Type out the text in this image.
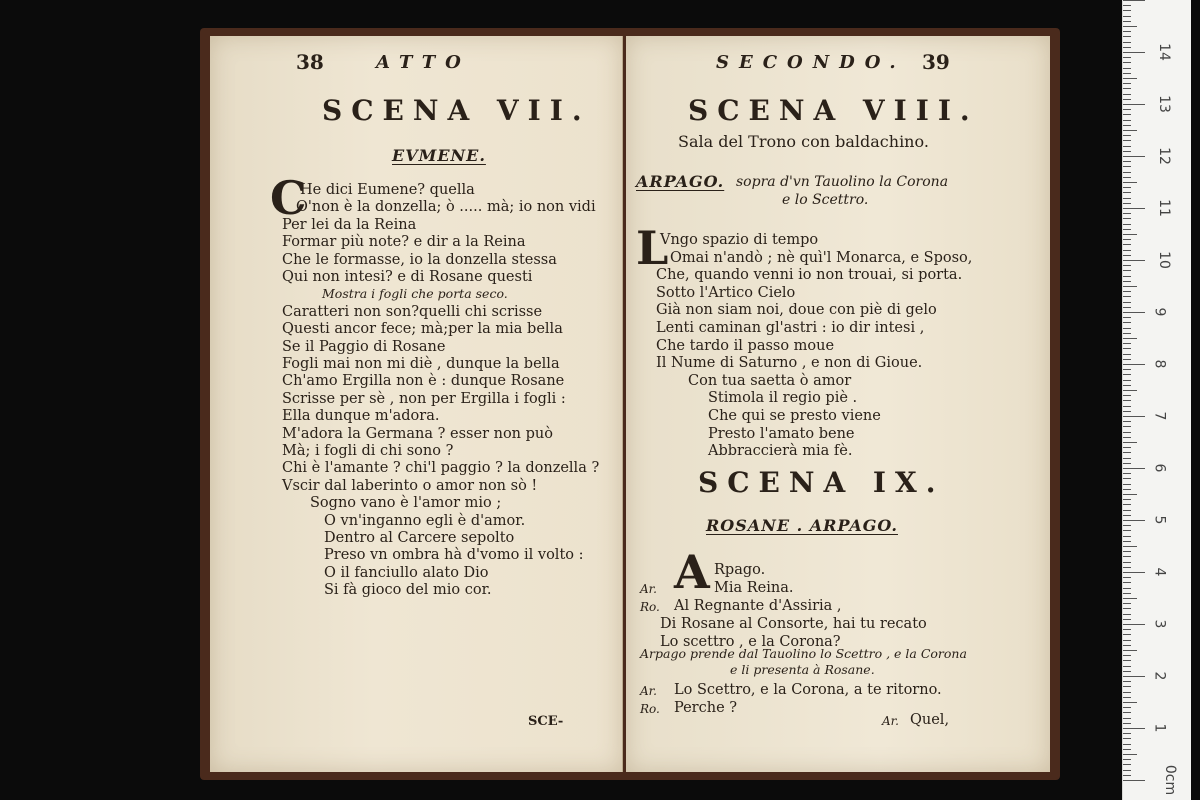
38	ATTO
SCENA VII.
EVMENE.
C
SCE-
He dici Eumene? quella
O'non è la donzella; ò ..... mà; io non vidi
Per lei da la Reina
Formar più note? e dir a la Reina
Che le formasse, io la donzella stessa
Qui non intesi? e di Rosane questi
Mostra i fogli che porta seco.
Caratteri non son?quelli chi scrisse
Questi ancor fece; mà;per la mia bella
Se il Paggio di Rosane
Fogli mai non mi diè , dunque la bella
Ch'amo Ergilla non è : dunque Rosane
Scrisse per sè , non per Ergilla i fogli :
Ella dunque m'adora.
M'adora la Germana ? esser non può
Mà; i fogli di chi sono ?
Chi è l'amante ? chi'l paggio ? la donzella ?
Vscir dal laberinto o amor non sò !
Sogno vano è l'amor mio ;
O vn'inganno egli è d'amor.
Dentro al Carcere sepolto
Preso vn ombra hà d'vomo il volto :
O il fanciullo alato Dio
Si fà gioco del mio cor.
SECONDO. 39
SCENA VIII.
Sala del Trono con baldachino.
ARPAGO. sopra d'vn Tauolino la Corona
e lo Scettro.
L
SCENA IX.
ROSANE . ARPAGO.
A
Arpago prende dal Tauolino lo Scettro , e la Corona
e li presenta à Rosane.
Ar. Quel,
Vngo spazio di tempo
Omai n'andò ; nè quì'l Monarca, e Sposo,
Che, quando venni io non trouai, si porta.
Sotto l'Artico Cielo
Già non siam noi, doue con piè di gelo
Lenti caminan gl'astri : io dir intesi ,
Che tardo il passo moue
Il Nume di Saturno , e non di Gioue.
Con tua saetta ò amor
Stimola il regio piè .
Che qui se presto viene
Presto l'amato bene
Abbraccierà mia fè.
Rpago.
Ar.	Mia Reina.
Ro. Al Regnante d'Assiria ,
Di Rosane al Consorte, hai tu recato
Lo scettro , e la Corona?
Ar. Lo Scettro, e la Corona, a te ritorno.
Ro. Perche ?
0cm
1
2
3
4
5
6
7
8
9
10
11
12
13
14
